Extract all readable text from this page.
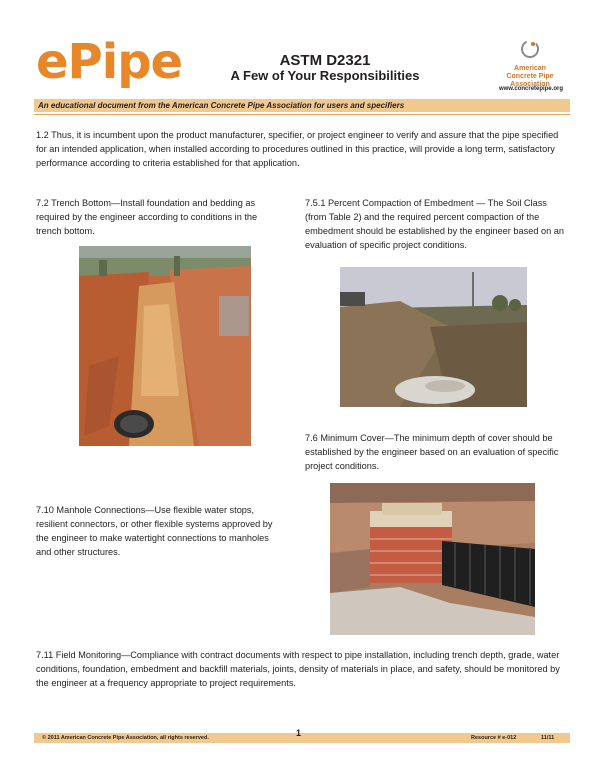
ePipe	ASTM D2321
A Few of Your Responsibilities	American
Concrete Pipe
Association
www.concretepipe.org
An educational document from the American Concrete Pipe Association for users and specifiers
1.2 Thus, it is incumbent upon the product manufacturer, specifier, or project engineer to verify and assure that the pipe specified for an intended application, when installed according to procedures outlined in this practice, will provide a long term, satisfactory performance according to criteria established for that application.
7.2 Trench Bottom—Install foundation and bedding as required by the engineer according to conditions in the trench bottom.
7.10 Manhole Connections—Use flexible water stops, resilient connectors, or other flexible systems approved by the engineer to make watertight connections to manholes and other structures.
7.5.1 Percent Compaction of Embedment — The Soil Class (from Table 2) and the required percent compaction of the embedment should be established by the engineer based on an evaluation of specific project conditions.
7.6 Minimum Cover—The minimum depth of cover should be established by the engineer based on an evaluation of specific project conditions.
7.11 Field Monitoring—Compliance with contract documents with respect to pipe installation, including trench depth, grade, water conditions, foundation, embedment and backfill materials, joints, density of materials in place, and safety, should be monitored by the engineer at a frequency appropriate to project requirements.
© 2011 American Concrete Pipe Association, all rights reserved.	1	Resource # e-012	11/11
